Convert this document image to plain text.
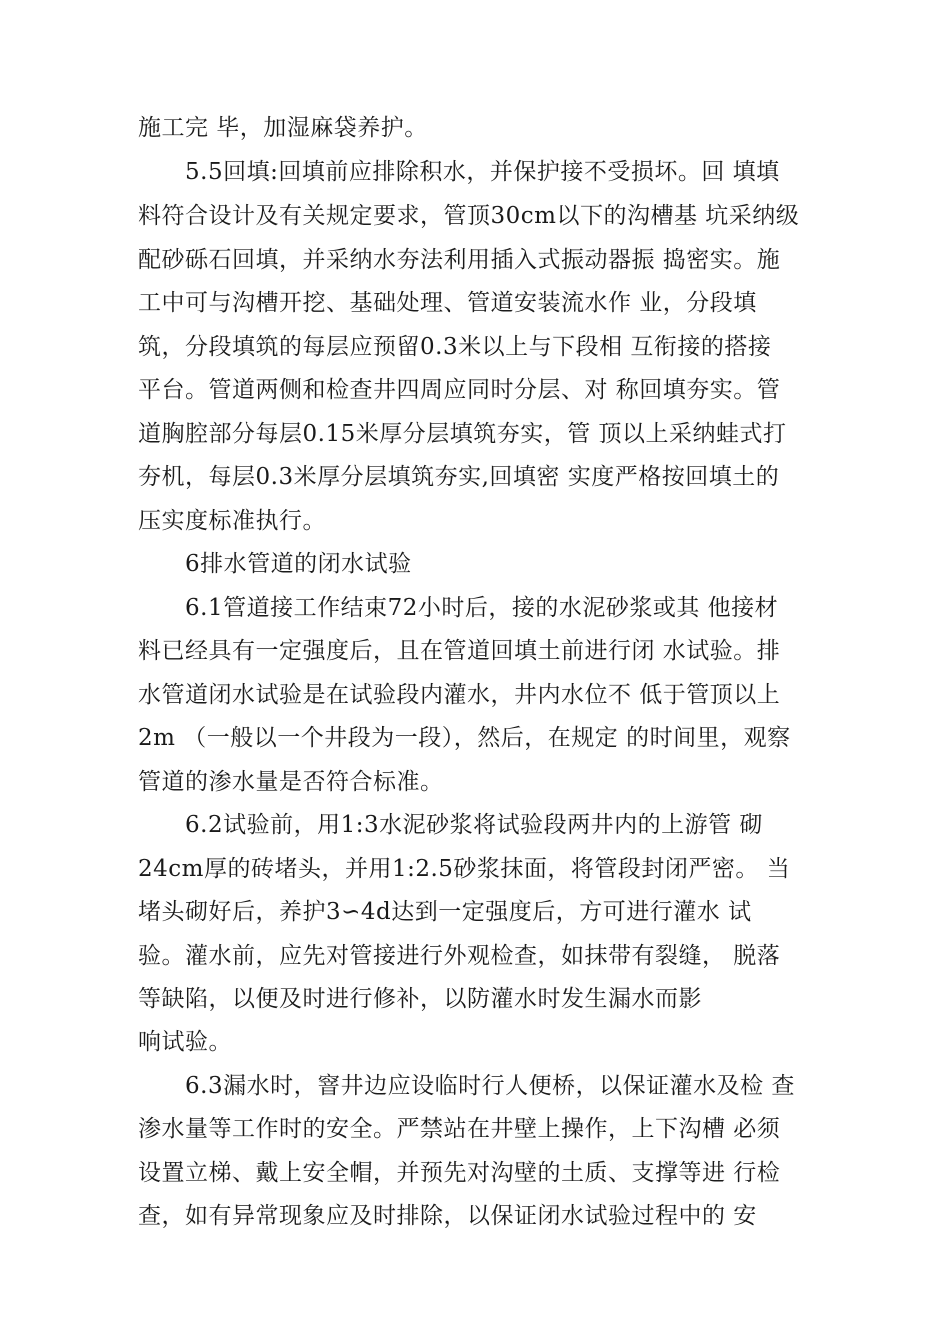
施工完 毕，加湿麻袋养护。
　　5.5回填:回填前应排除积水，并保护接不受损坏。回 填填
料符合设计及有关规定要求，管顶30cm以下的沟槽基 坑采纳级
配砂砾石回填，并采纳水夯法利用插入式振动器振 捣密实。施
工中可与沟槽开挖、基础处理、管道安装流水作 业，分段填
筑，分段填筑的每层应预留0.3米以上与下段相 互衔接的搭接
平台。管道两侧和检查井四周应同时分层、对 称回填夯实。管
道胸腔部分每层0.15米厚分层填筑夯实，管 顶以上采纳蛙式打
夯机，每层0.3米厚分层填筑夯实,回填密 实度严格按回填土的
压实度标准执行。
　　6排水管道的闭水试验
　　6.1管道接工作结束72小时后，接的水泥砂浆或其 他接材
料已经具有一定强度后，且在管道回填土前进行闭 水试验。排
水管道闭水试验是在试验段内灌水，井内水位不 低于管顶以上
2m （一般以一个井段为一段），然后，在规定 的时间里，观察
管道的渗水量是否符合标准。
　　6.2试验前，用1:3水泥砂浆将试验段两井内的上游管 砌
24cm厚的砖堵头，并用1:2.5砂浆抹面，将管段封闭严密。 当
堵头砌好后，养护3∽4d达到一定强度后，方可进行灌水 试
验。灌水前，应先对管接进行外观检查，如抹带有裂缝， 脱落
等缺陷，以便及时进行修补，以防灌水时发生漏水而影
响试验。
　　6.3漏水时，窨井边应设临时行人便桥，以保证灌水及检 查
渗水量等工作时的安全。严禁站在井壁上操作，上下沟槽 必须
设置立梯、戴上安全帽，并预先对沟壁的土质、支撑等进 行检
查，如有异常现象应及时排除，以保证闭水试验过程中的 安
